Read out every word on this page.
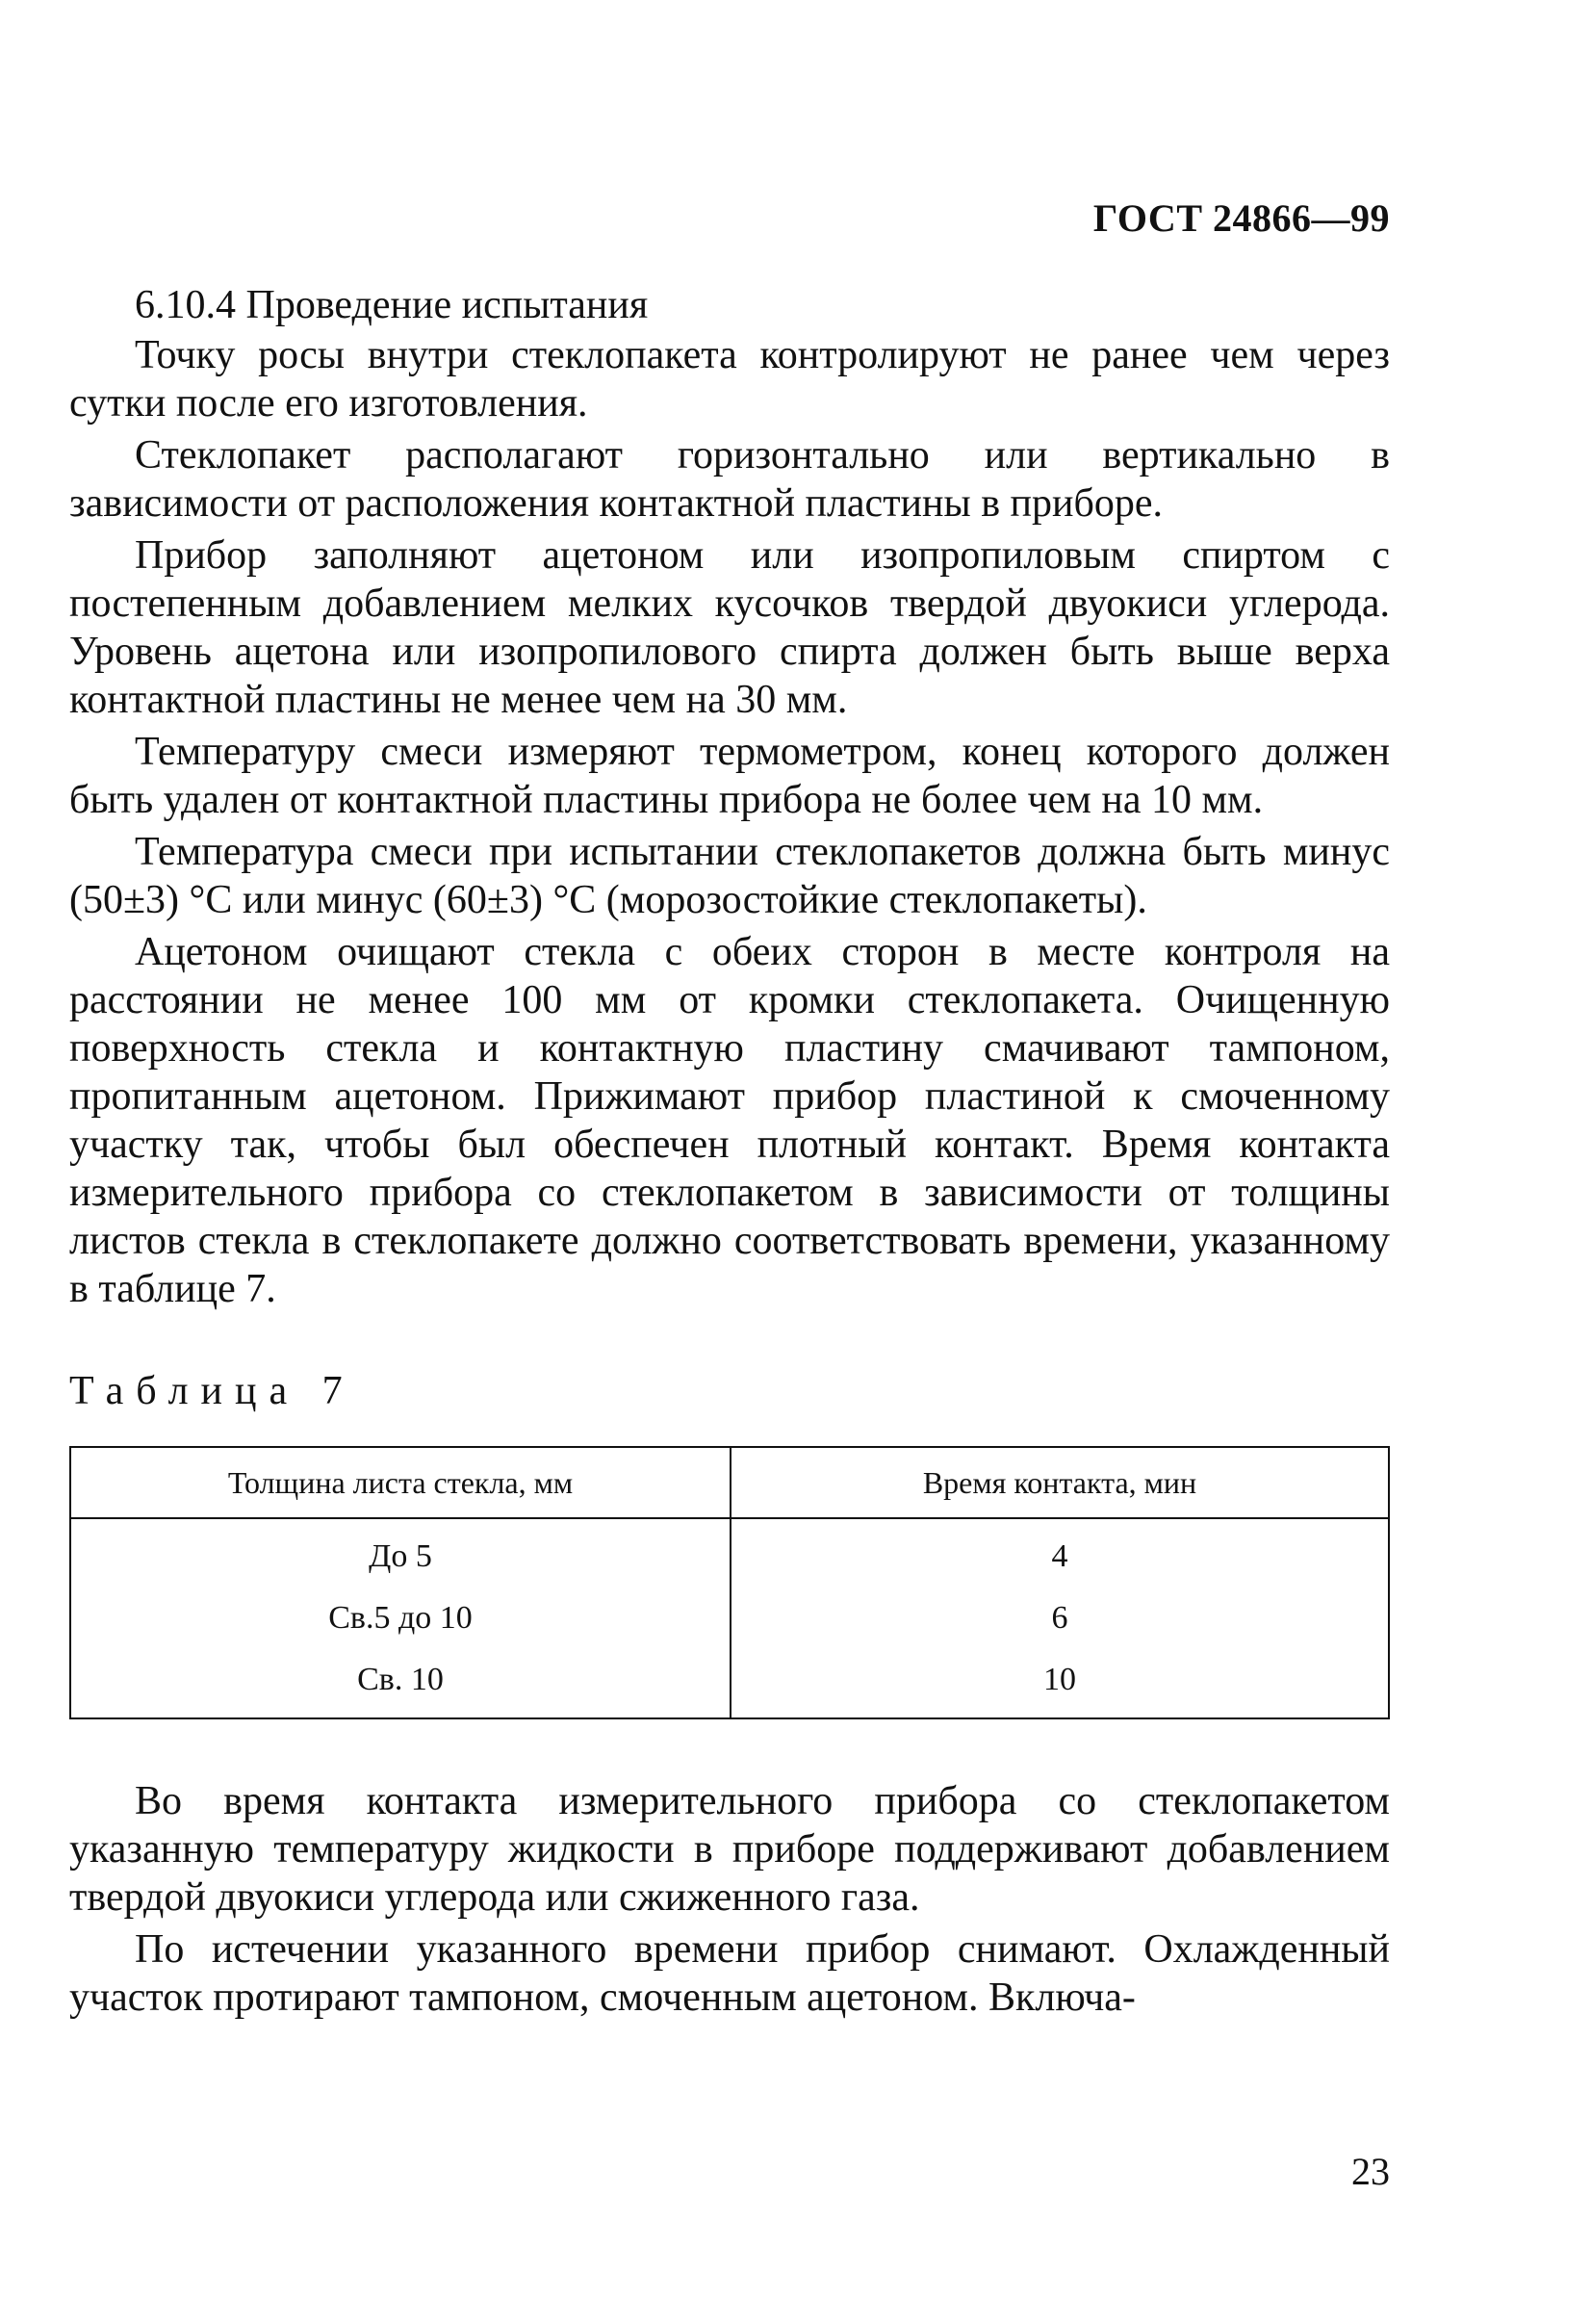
ГОСТ 24866—99
6.10.4 Проведение испытания

Точку росы внутри стеклопакета контролируют не ранее чем через сутки после его изготовления.

Стеклопакет располагают горизонтально или вертикально в зависимости от расположения контактной пластины в приборе.

Прибор заполняют ацетоном или изопропиловым спиртом с постепенным добавлением мелких кусочков твердой двуокиси углерода. Уровень ацетона или изопропилового спирта должен быть выше верха контактной пластины не менее чем на 30 мм.

Температуру смеси измеряют термометром, конец которого должен быть удален от контактной пластины прибора не более чем на 10 мм.

Температура смеси при испытании стеклопакетов должна быть минус (50±3) °С или минус (60±3) °С (морозостойкие стеклопакеты).

Ацетоном очищают стекла с обеих сторон в месте контроля на расстоянии не менее 100 мм от кромки стеклопакета. Очищенную поверхность стекла и контактную пластину смачивают тампоном, пропитанным ацетоном. Прижимают прибор пластиной к смоченному участку так, чтобы был обеспечен плотный контакт. Время контакта измерительного прибора со стеклопакетом в зависимости от толщины листов стекла в стеклопакете должно соответствовать времени, указанному в таблице 7.

Таблица 7
Толщина листа стекла, мм	Время контакта, мин
До 5	4
Св.5 до 10	6
Св. 10	10

Во время контакта измерительного прибора со стеклопакетом указанную температуру жидкости в приборе поддерживают добавлением твердой двуокиси углерода или сжиженного газа.

По истечении указанного времени прибор снимают. Охлажденный участок протирают тампоном, смоченным ацетоном. Включа-

23
